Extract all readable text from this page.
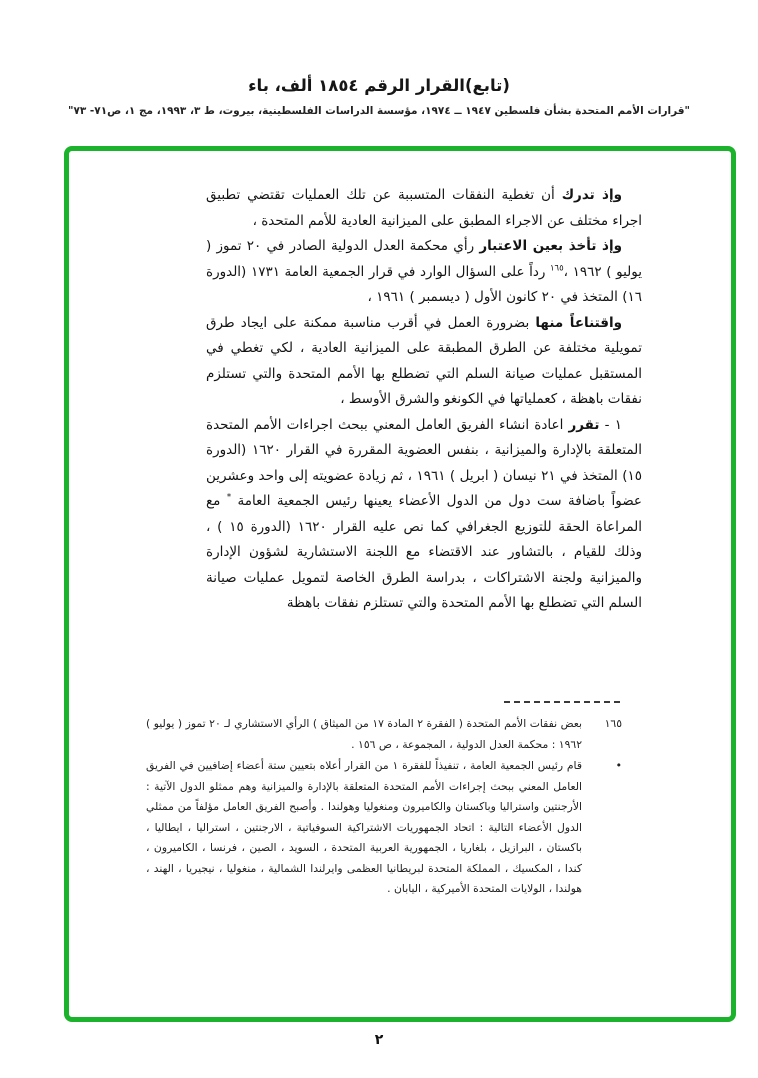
(تابع)القرار الرقم ١٨٥٤ ألف، باء
"قرارات الأمم المتحدة بشأن فلسطين ١٩٤٧ ــ ١٩٧٤، مؤسسة الدراسات الفلسطينية، بيروت، ط ٣، ١٩٩٣، مج ١، ص٧١- ٧٣"

وإذ تدرك أن تغطية النفقات المتسببة عن تلك العمليات تقتضي تطبيق اجراء مختلف عن الاجراء المطبق على الميزانية العادية للأمم المتحدة ،

وإذ تأخذ بعين الاعتبار رأي محكمة العدل الدولية الصادر في ٢٠ تموز ( يوليو ) ١٩٦٢ ،$^{١٦٥}$ رداً على السؤال الوارد في قرار الجمعية العامة ١٧٣١ (الدورة ١٦) المتخذ في ٢٠ كانون الأول ( ديسمبر ) ١٩٦١ ،

واقتناعاً منها بضرورة العمل في أقرب مناسبة ممكنة على ايجاد طرق تمويلية مختلفة عن الطرق المطبقة على الميزانية العادية ، لكي تغطي في المستقبل عمليات صيانة السلم التي تضطلع بها الأمم المتحدة والتي تستلزم نفقات باهظة ، كعملياتها في الكونغو والشرق الأوسط ،

١ - تقرر اعادة انشاء الفريق العامل المعني ببحث اجراءات الأمم المتحدة المتعلقة بالإدارة والميزانية ، بنفس العضوية المقررة في القرار ١٦٢٠ (الدورة ١٥) المتخذ في ٢١ نيسان ( ابريل ) ١٩٦١ ، ثم زيادة عضويته إلى واحد وعشرين عضواً باضافة ست دول من الدول الأعضاء يعينها رئيس الجمعية العامة * مع المراعاة الحقة للتوزيع الجغرافي كما نص عليه القرار ١٦٢٠ (الدورة ١٥ ) ، وذلك للقيام ، بالتشاور عند الاقتضاء مع اللجنة الاستشارية لشؤون الإدارة والميزانية ولجنة الاشتراكات ، بدراسة الطرق الخاصة لتمويل عمليات صيانة السلم التي تضطلع بها الأمم المتحدة والتي تستلزم نفقات باهظة

١٦٥
بعض نفقات الأمم المتحدة ( الفقرة ٢ المادة ١٧ من الميثاق ) الرأي الاستشاري لـ ٢٠ تموز ( يوليو ) ١٩٦٢ : محكمة العدل الدولية ، المجموعة ، ص ١٥٦ .
•
قام رئيس الجمعية العامة ، تنفيذاً للفقرة ١ من القرار أعلاه بتعيين ستة أعضاء إضافيين في الفريق العامل المعني ببحث إجراءات الأمم المتحدة المتعلقة بالإدارة والميزانية وهم ممثلو الدول الآتية : الأرجنتين واستراليا وباكستان والكاميرون ومنغوليا وهولندا . وأصبح الفريق العامل مؤلفاً من ممثلي الدول الأعضاء التالية : اتحاد الجمهوريات الاشتراكية السوفياتية ، الارجنتين ، استراليا ، ايطاليا ، باكستان ، البرازيل ، بلغاريا ، الجمهورية العربية المتحدة ، السويد ، الصين ، فرنسا ، الكاميرون ، كندا ، المكسيك ، المملكة المتحدة لبريطانيا العظمى وايرلندا الشمالية ، منغوليا ، نيجيريا ، الهند ، هولندا ، الولايات المتحدة الأميركية ، اليابان .
٢
